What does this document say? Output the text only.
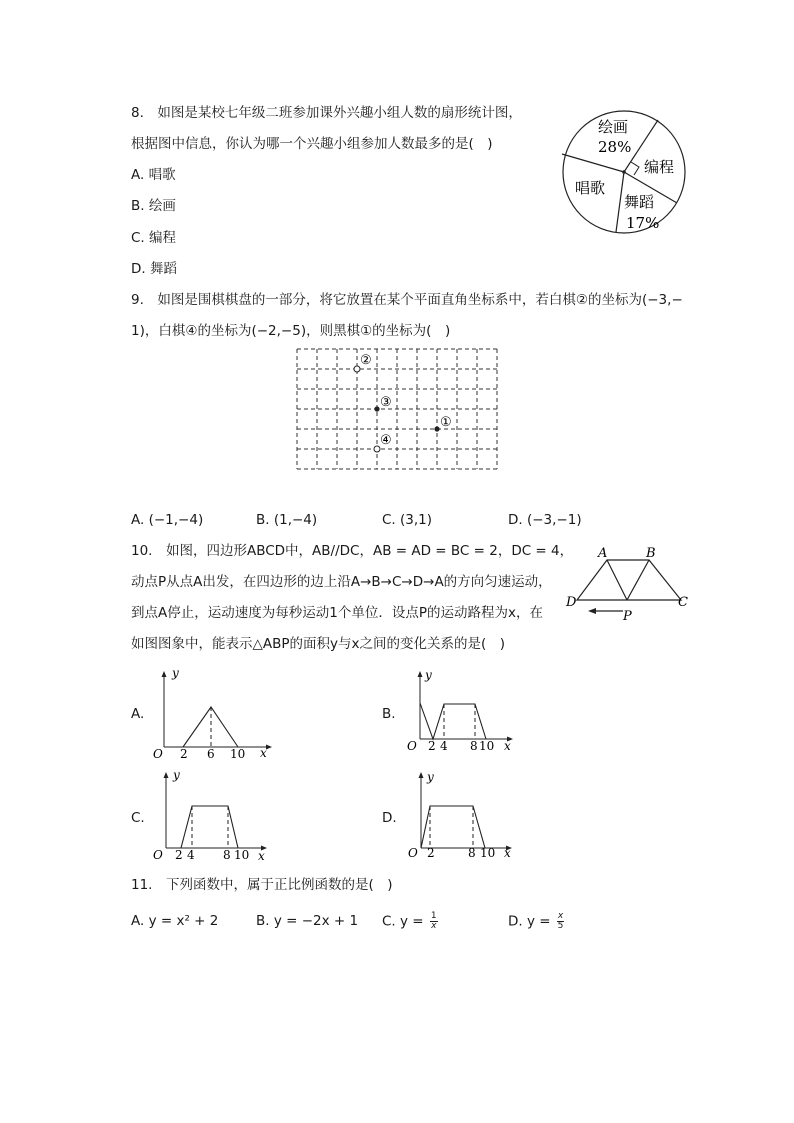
8.　如图是某校七年级二班参加课外兴趣小组人数的扇形统计图，
根据图中信息，你认为哪一个兴趣小组参加人数最多的是(　)
A. 唱歌
B. 绘画
C. 编程
D. 舞蹈
绘画
28%
编程
唱歌
舞蹈
17%
9.　如图是围棋棋盘的一部分，将它放置在某个平面直角坐标系中，若白棋②的坐标为(−3,−
1)，白棋④的坐标为(−2,−5)，则黑棋①的坐标为(　)
②
③
①
④
A. (−1,−4)	B. (1,−4)	C. (3,1)	D. (−3,−1)
10.　如图，四边形ABCD中，AB//DC，AB = AD = BC = 2，DC = 4，
动点P从点A出发，在四边形的边上沿A→B→C→D→A的方向匀速运动，
到点A停止，运动速度为每秒运动1个单位．设点P的运动路程为x，在
如图图象中，能表示△ABP的面积y与x之间的变化关系的是(　)
A	B
C
D
P
A.
y
x
O 2 6 10
B.
y
x
O 2 4 8 10
C.
y
x
O 2 4 8 10
D.
y
x
O 2	8 10
11.　下列函数中，属于正比例函数的是(　)
A. y = x² + 2	B. y = −2x + 1 C. $y = \frac{1}{x}$	D. $y = \frac{x}{5}$
